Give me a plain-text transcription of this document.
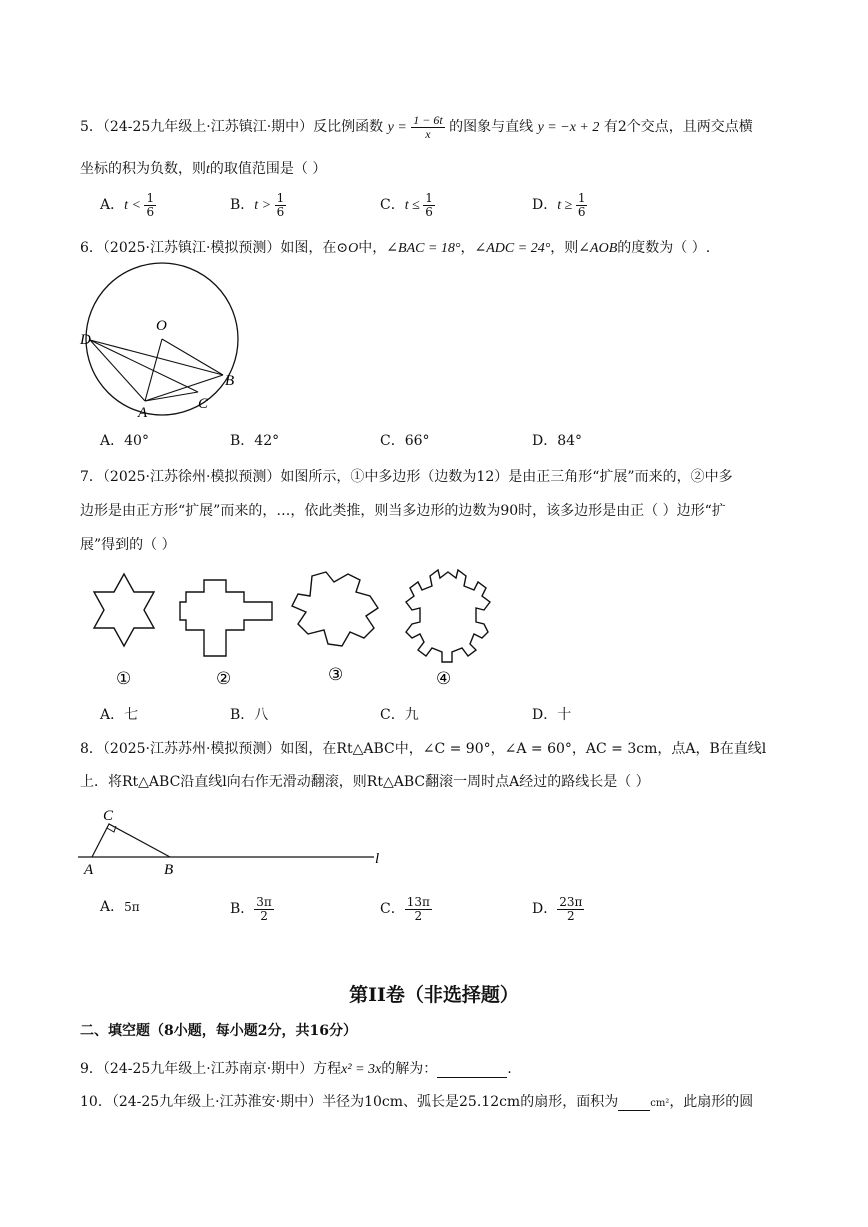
5．（24-25九年级上·江苏镇江·期中）反比例函数 $y = \frac{1 - 6t}{x}$ 的图象与直线 y = −x + 2 有2个交点，且两交点横
坐标的积为负数，则t的取值范围是（ ）
A．$t < \frac{1}{6}$	B．$t > \frac{1}{6}$	C．$t \le \frac{1}{6}$	D．$t \ge \frac{1}{6}$
6．（2025·江苏镇江·模拟预测）如图，在⊙O中，∠BAC = 18°，∠ADC = 24°，则∠AOB的度数为（ ）.
O
D
A
B
C
A．40°	B．42°	C．66°	D．84°
7．（2025·江苏徐州·模拟预测）如图所示，①中多边形（边数为12）是由正三角形“扩展”而来的，②中多
边形是由正方形“扩展”而来的，…，依此类推，则当多边形的边数为90时，该多边形是由正（ ）边形“扩
展”得到的（ ）
①	②	③	④
A．七	B．八	C．九	D．十
8．（2025·江苏苏州·模拟预测）如图，在Rt△ABC中，∠C = 90°，∠A = 60°，AC = 3cm，点A，B在直线l
上．将Rt△ABC沿直线l向右作无滑动翻滚，则Rt△ABC翻滚一周时点A经过的路线长是（ ）
C
A	B
l
A．5π	B． $\frac{3\pi}{2}$	C． $\frac{13\pi}{2}$	D． $\frac{23\pi}{2}$
第II卷（非选择题）
二、填空题（8小题，每小题2分，共16分）
9．（24-25九年级上·江苏南京·期中）方程x² = 3x的解为：	.
10．（24-25九年级上·江苏淮安·期中）半径为10cm、弧长是25.12cm的扇形，面积为	cm²，此扇形的圆
